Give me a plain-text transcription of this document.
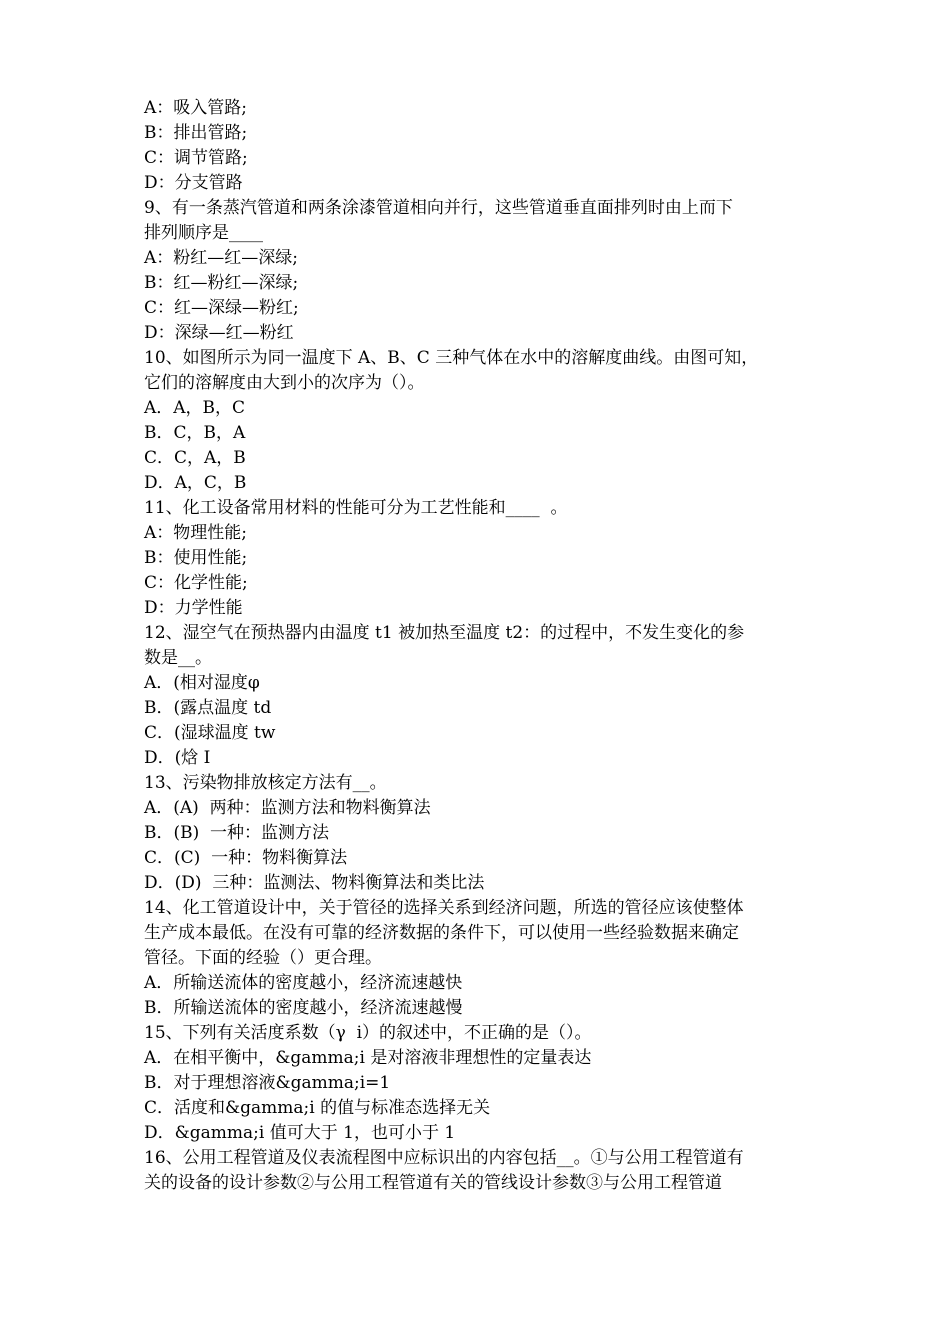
A：吸入管路;
B：排出管路;
C：调节管路;
D：分支管路
9、有一条蒸汽管道和两条涂漆管道相向并行，这些管道垂直面排列时由上而下
排列顺序是____
A：粉红—红—深绿;
B：红—粉红—深绿;
C：红—深绿—粉红;
D：深绿—红—粉红
10、如图所示为同一温度下 A、B、C 三种气体在水中的溶解度曲线。由图可知，
它们的溶解度由大到小的次序为（）。
A．A，B，C
B．C，B，A
C．C，A，B
D．A，C，B
11、化工设备常用材料的性能可分为工艺性能和____  。
A：物理性能;
B：使用性能;
C：化学性能;
D：力学性能
12、湿空气在预热器内由温度 t1 被加热至温度 t2：的过程中，不发生变化的参
数是__。
A．(相对湿度φ
B．(露点温度 td
C．(湿球温度 tw
D．(焓 I
13、污染物排放核定方法有__。
A．(A)  两种：监测方法和物料衡算法
B．(B)  一种：监测方法
C．(C)  一种：物料衡算法
D．(D)  三种：监测法、物料衡算法和类比法
14、化工管道设计中，关于管径的选择关系到经济问题，所选的管径应该使整体
生产成本最低。在没有可靠的经济数据的条件下，可以使用一些经验数据来确定
管径。下面的经验（）更合理。
A．所输送流体的密度越小，经济流速越快
B．所输送流体的密度越小，经济流速越慢
15、下列有关活度系数（γ  i）的叙述中，不正确的是（）。
A．在相平衡中，&gamma;i 是对溶液非理想性的定量表达
B．对于理想溶液&gamma;i=1
C．活度和&gamma;i 的值与标准态选择无关
D．&gamma;i 值可大于 1，也可小于 1
16、公用工程管道及仪表流程图中应标识出的内容包括__。①与公用工程管道有
关的设备的设计参数②与公用工程管道有关的管线设计参数③与公用工程管道
